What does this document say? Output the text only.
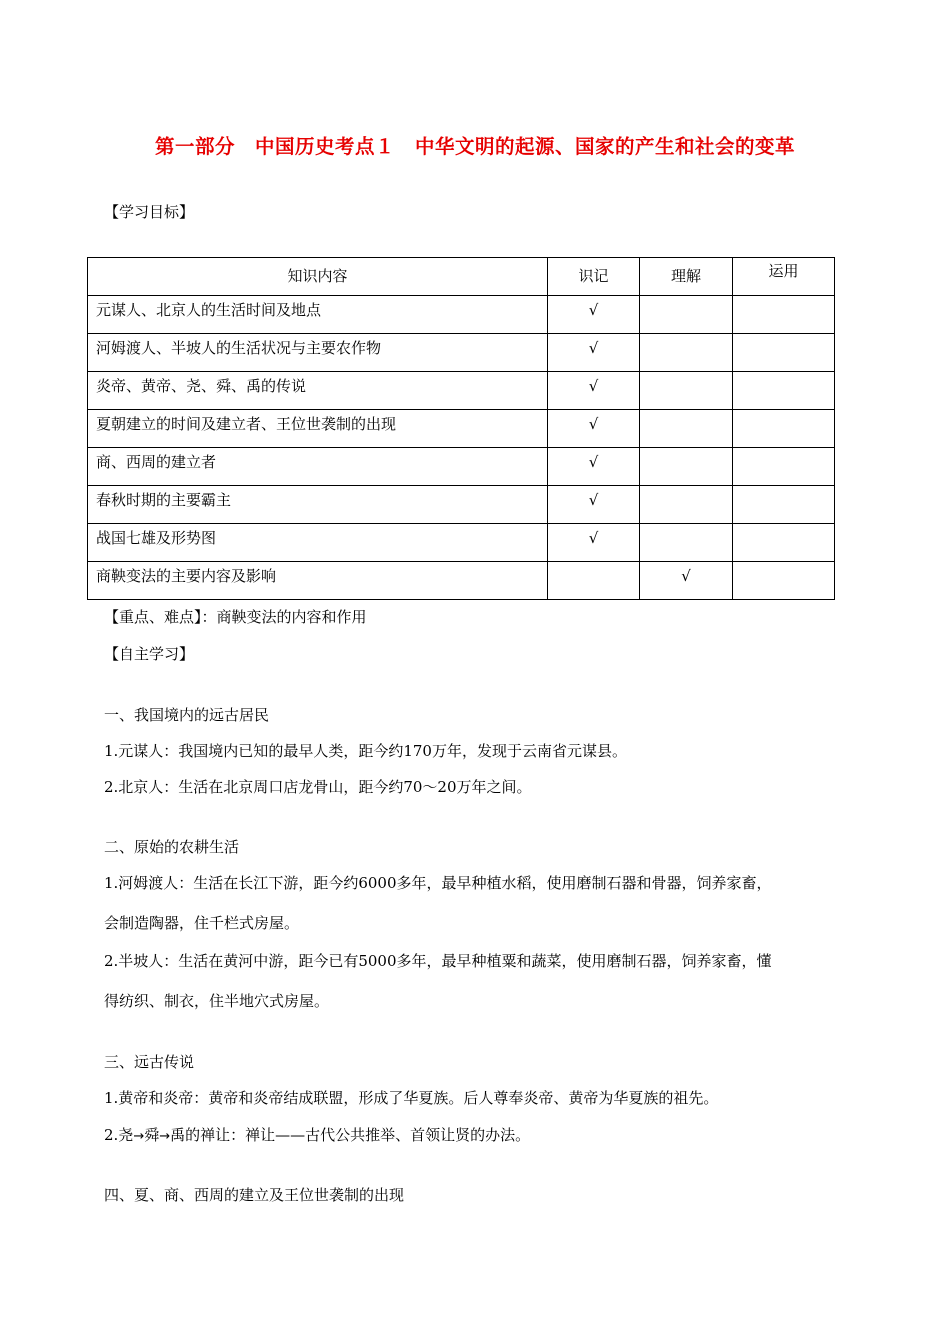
第一部分　中国历史考点１　中华文明的起源、国家的产生和社会的变革
【学习目标】
知识内容	识记	理解	运用
元谋人、北京人的生活时间及地点	√		
河姆渡人、半坡人的生活状况与主要农作物	√		
炎帝、黄帝、尧、舜、禹的传说	√		
夏朝建立的时间及建立者、王位世袭制的出现	√		
商、西周的建立者	√		
春秋时期的主要霸主	√		
战国七雄及形势图	√		
商鞅变法的主要内容及影响		√	
【重点、难点】：商鞅变法的内容和作用
【自主学习】
一、我国境内的远古居民
1.元谋人：我国境内已知的最早人类，距今约170万年，发现于云南省元谋县。
2.北京人：生活在北京周口店龙骨山，距今约70～20万年之间。
二、原始的农耕生活
1.河姆渡人：生活在长江下游，距今约6000多年，最早种植水稻，使用磨制石器和骨器，饲养家畜，
会制造陶器，住千栏式房屋。
2.半坡人：生活在黄河中游，距今已有5000多年，最早种植粟和蔬菜，使用磨制石器，饲养家畜，懂
得纺织、制衣，住半地穴式房屋。
三、远古传说
1.黄帝和炎帝：黄帝和炎帝结成联盟，形成了华夏族。后人尊奉炎帝、黄帝为华夏族的祖先。
2.尧→舜→禹的禅让：禅让——古代公共推举、首领让贤的办法。
四、夏、商、西周的建立及王位世袭制的出现
